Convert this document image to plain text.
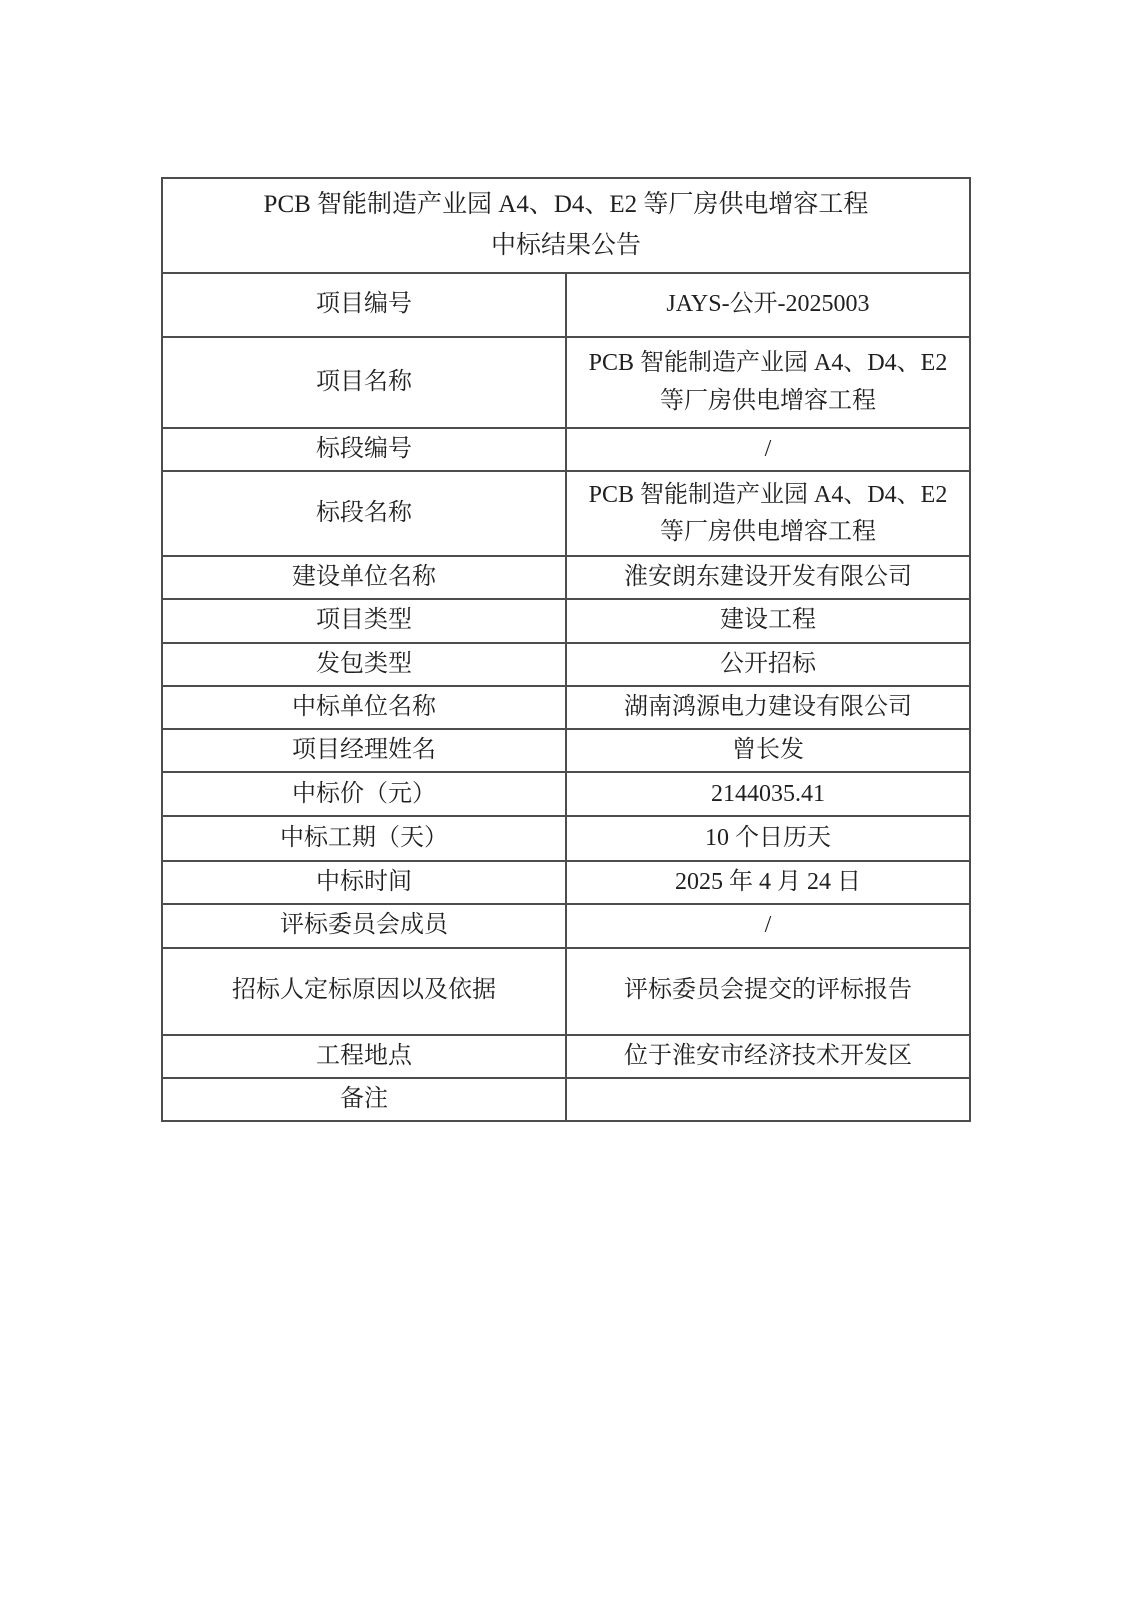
PCB 智能制造产业园 A4、D4、E2 等厂房供电增容工程
中标结果公告	

项目编号	JAYS-公开-2025003
项目名称	PCB 智能制造产业园 A4、D4、E2 等厂房供电增容工程
标段编号	/
标段名称	PCB 智能制造产业园 A4、D4、E2 等厂房供电增容工程
建设单位名称	淮安朗东建设开发有限公司
项目类型	建设工程
发包类型	公开招标
中标单位名称	湖南鸿源电力建设有限公司
项目经理姓名	曾长发
中标价（元）	2144035.41
中标工期（天）	10 个日历天
中标时间	2025 年 4 月 24 日
评标委员会成员	/
招标人定标原因以及依据	评标委员会提交的评标报告
工程地点	位于淮安市经济技术开发区
备注	
